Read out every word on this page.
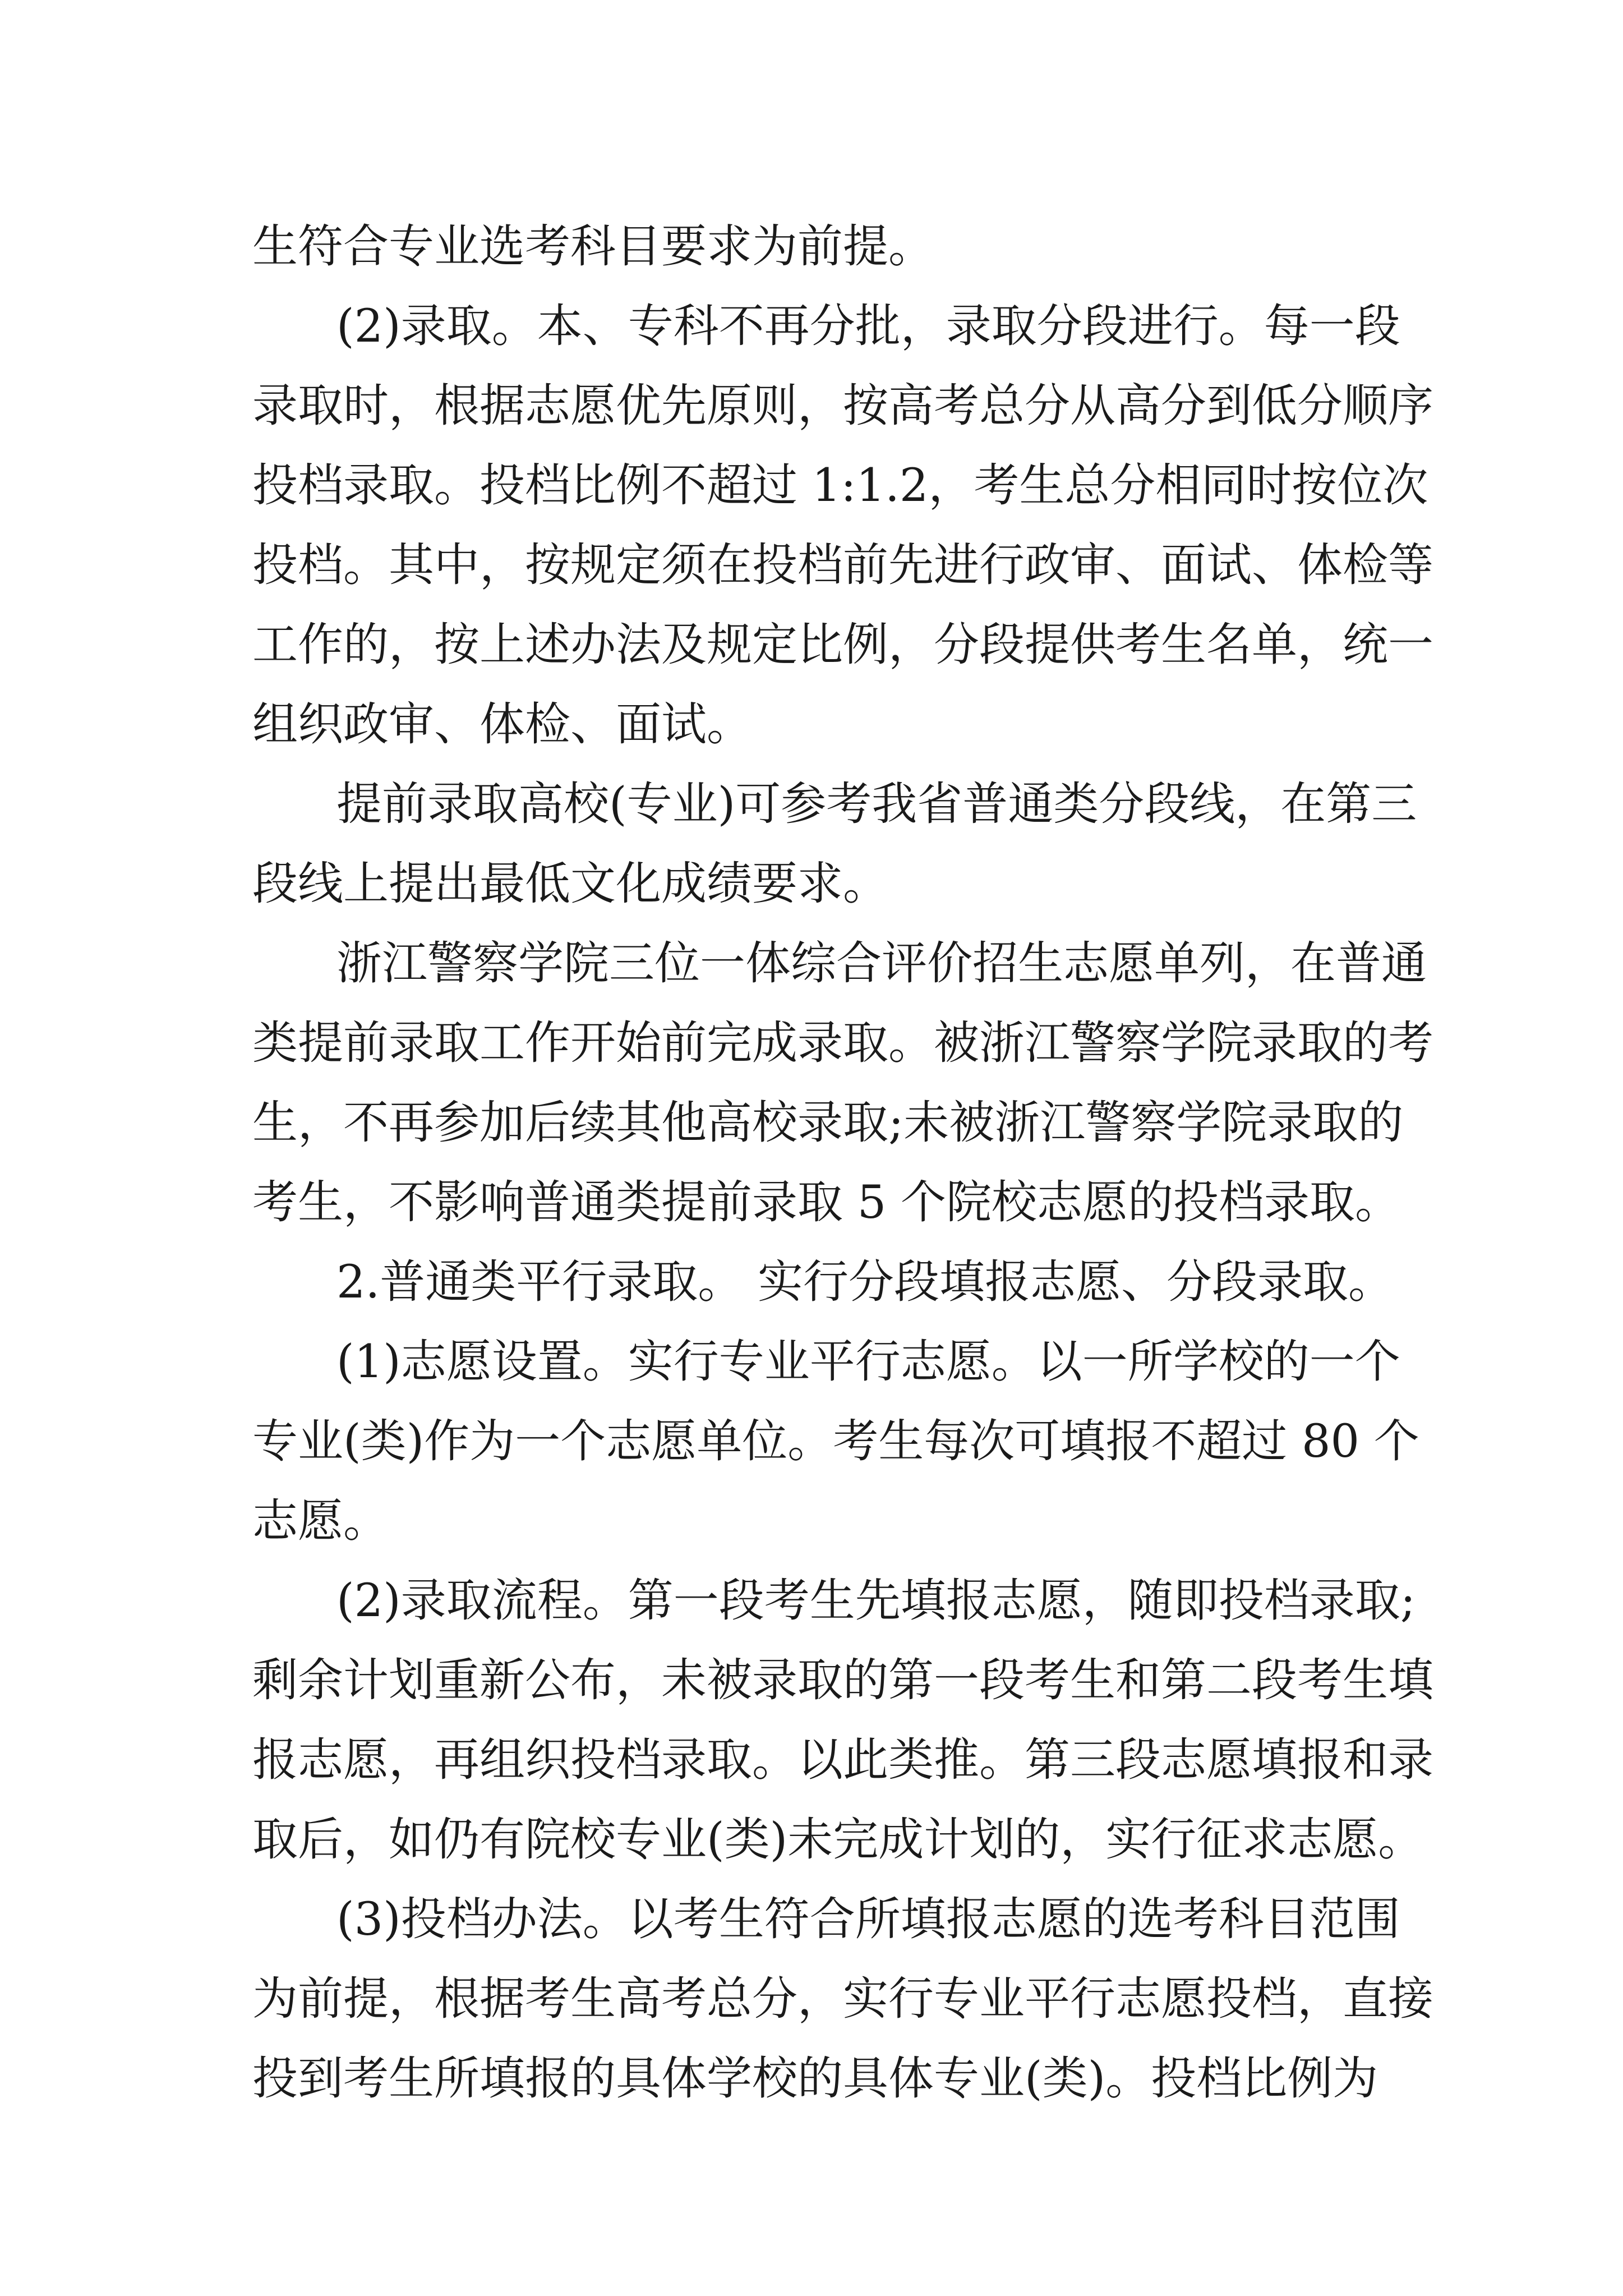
生符合专业选考科目要求为前提。
(2)录取。本、专科不再分批，录取分段进行。每一段
录取时，根据志愿优先原则，按高考总分从高分到低分顺序
投档录取。投档比例不超过 1:1.2，考生总分相同时按位次
投档。其中，按规定须在投档前先进行政审、面试、体检等
工作的，按上述办法及规定比例，分段提供考生名单，统一
组织政审、体检、面试。
提前录取高校(专业)可参考我省普通类分段线，在第三
段线上提出最低文化成绩要求。
浙江警察学院三位一体综合评价招生志愿单列，在普通
类提前录取工作开始前完成录取。被浙江警察学院录取的考
生，不再参加后续其他高校录取;未被浙江警察学院录取的
考生，不影响普通类提前录取 5 个院校志愿的投档录取。
2.普通类平行录取。 实行分段填报志愿、分段录取。
(1)志愿设置。实行专业平行志愿。以一所学校的一个
专业(类)作为一个志愿单位。考生每次可填报不超过 80 个
志愿。
(2)录取流程。第一段考生先填报志愿，随即投档录取;
剩余计划重新公布，未被录取的第一段考生和第二段考生填
报志愿，再组织投档录取。以此类推。第三段志愿填报和录
取后，如仍有院校专业(类)未完成计划的，实行征求志愿。
(3)投档办法。以考生符合所填报志愿的选考科目范围
为前提，根据考生高考总分，实行专业平行志愿投档，直接
投到考生所填报的具体学校的具体专业(类)。投档比例为
